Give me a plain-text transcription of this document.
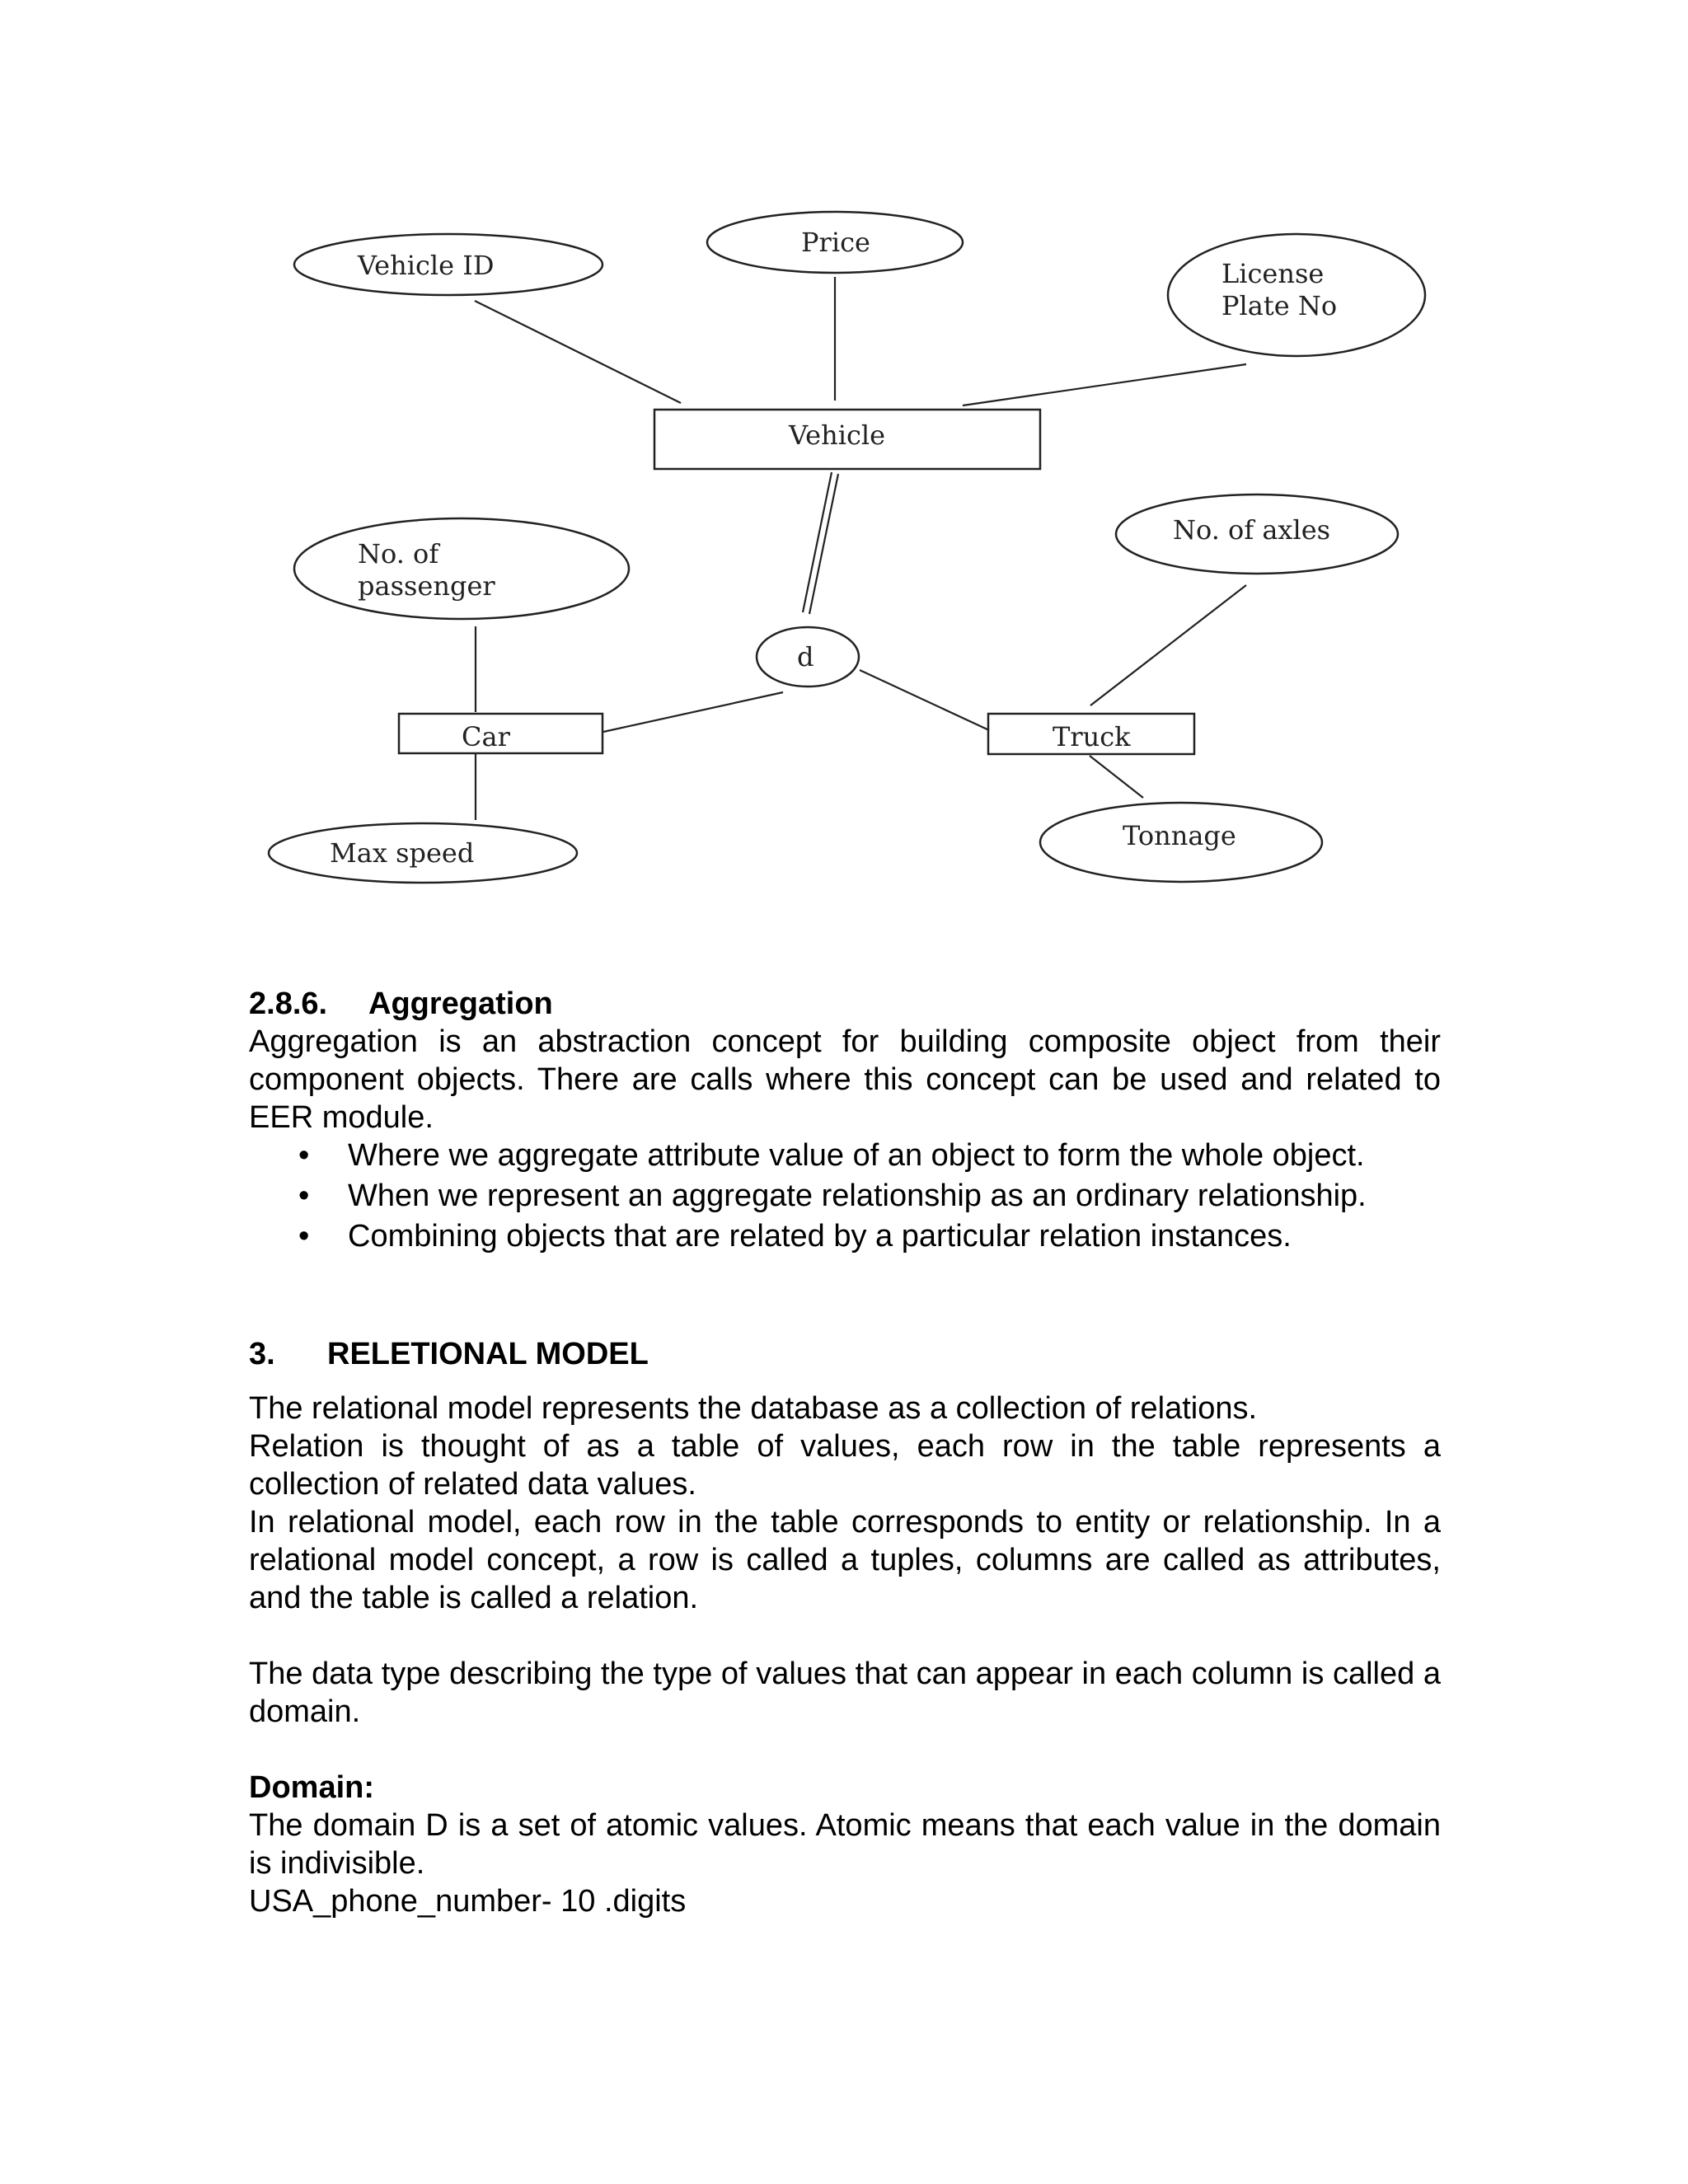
Vehicle ID
Price
License
Plate No
Vehicle
No. of
passenger
No. of axles
d
Car	Truck
Max speed
Tonnage
2.8.6. Aggregation

Aggregation is an abstraction concept for building composite object from their component objects. There are calls where this concept can be used and related to EER module.

• Where we aggregate attribute value of an object to form the whole object.
• When we represent an aggregate relationship as an ordinary relationship.
• Combining objects that are related by a particular relation instances.
3. RELETIONAL MODEL

The relational model represents the database as a collection of relations.

Relation is thought of as a table of values, each row in the table represents a collection of related data values.

In relational model, each row in the table corresponds to entity or relationship. In a relational model concept, a row is called a tuples, columns are called as attributes, and the table is called a relation.

The data type describing the type of values that can appear in each column is called a domain.

Domain:

The domain D is a set of atomic values. Atomic means that each value in the domain is indivisible.

USA_phone_number- 10 .digits
